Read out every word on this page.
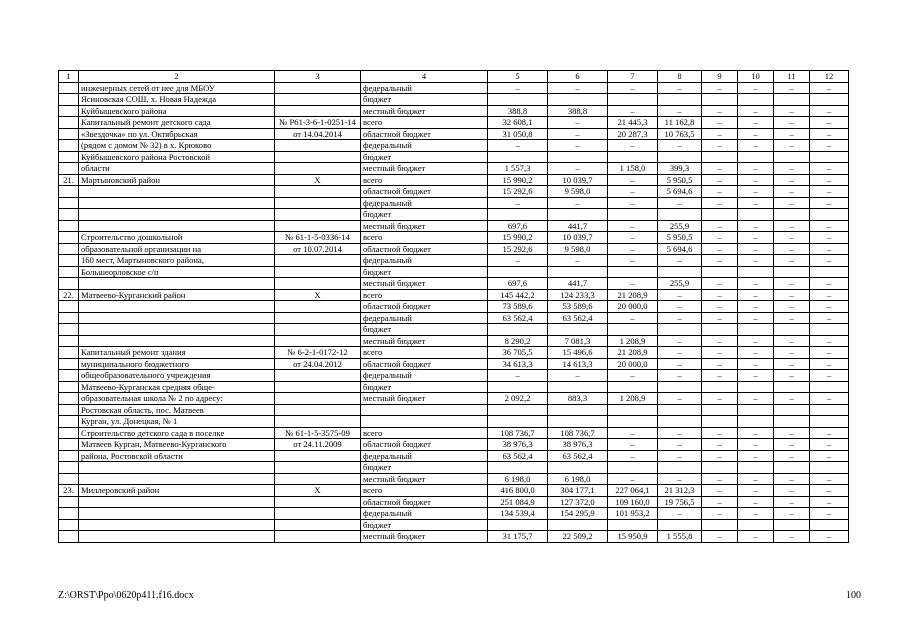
1	2	3	4	5	6	7	8	9	10	11	12
	инженерных сетей от нее для МБОУ		федеральный	–	–	–	–	–	–	–	–
	Ясиновская СОШ, х. Новая Надежда		бюджет								
	Куйбышевского района		местный бюджет	388,8	388,8	–	–	–	–	–	–
	Капитальный ремонт детского сада	№ Р61-3-6-1-0251-14	всего	32 608,1	–	21 445,3	11 162,8	–	–	–	–
	«Звездочка» по ул. Октябрьская	от 14.04.2014	областной бюджет	31 050,8	–	20 287,3	10 763,5	–	–	–	–
	(рядом с домом № 32) в х. Крюково		федеральный	–	–	–	–	–	–	–	–
	Куйбышевского района Ростовской		бюджет								
	области		местный бюджет	1 557,3	–	1 158,0	399,3	–	–	–	–
21.	Мартыновский район	Х	всего	15 990,2	10 039,7	–	5 950,5	–	–	–	–
			областной бюджет	15 292,6	9 598,0	–	5 694,6	–	–	–	–
			федеральный	–	–	–	–	–	–	–	–
			бюджет								
			местный бюджет	697,6	441,7	–	255,9	–	–	–	–
	Строительство дошкольной	№ 61-1-5-0336-14	всего	15 990,2	10 039,7	–	5 950,5	–	–	–	–
	образовательной организации на	от 10.07.2014	областной бюджет	15 292,6	9 598,0	–	5 694,6	–	–	–	–
	160 мест, Мартыновского района,		федеральный	–	–	–	–	–	–	–	–
	Большеорловское с/п		бюджет								
			местный бюджет	697,6	441,7	–	255,9	–	–	–	–
22.	Матвеево-Курганский район	Х	всего	145 442,2	124 233,3	21 208,9	–	–	–	–	–
			областной бюджет	73 589,6	53 589,6	20 000,0	–	–	–	–	–
			федеральный	63 562,4	63 562,4	–	–	–	–	–	–
			бюджет								
			местный бюджет	8 290,2	7 081,3	1 208,9	–	–	–	–	–
	Капитальный ремонт здания	№ 6-2-1-0172-12	всего	36 705,5	15 496,6	21 208,9	–	–	–	–	–
	муниципального бюджетного	от 24.04.2012	областной бюджет	34 613,3	14 613,3	20 000,0	–	–	–	–	–
	общеобразовательного учреждения		федеральный	–	–	–	–	–	–	–	–
	Матвеево-Курганская средняя обще-		бюджет								
	образовательная школа № 2 по адресу:		местный бюджет	2 092,2	883,3	1 208,9	–	–	–	–	–
	Ростовская область, пос. Матвеев										
	Курган, ул. Донецкая, № 1										
	Строительство детского сада в поселке	№ 61-1-5-3575-09	всего	108 736,7	108 736,7	–	–	–	–	–	–
	Матвеев Курган, Матвеево-Курганского	от 24.11.2009	областной бюджет	38 976,3	38 976,3	–	–	–	–	–	–
	района, Ростовской области		федеральный	63 562,4	63 562,4	–	–	–	–	–	–
			бюджет								
			местный бюджет	6 198,0	6 198,0	–	–	–	–	–	–
23.	Миллеровский район	Х	всего	416 800,0	304 177,1	227 064,1	21 312,3	–	–	–	–
			областной бюджет	251 084,9	127 372,0	109 160,0	19 756,5	–	–	–	–
			федеральный	134 539,4	154 295,9	101 953,2	–	–	–	–	–
			бюджет								
			местный бюджет	31 175,7	22 509,2	15 950,9	1 555,8	–	–	–	–
Z:\ORST\Ppo\0620p411.f16.docx	100
